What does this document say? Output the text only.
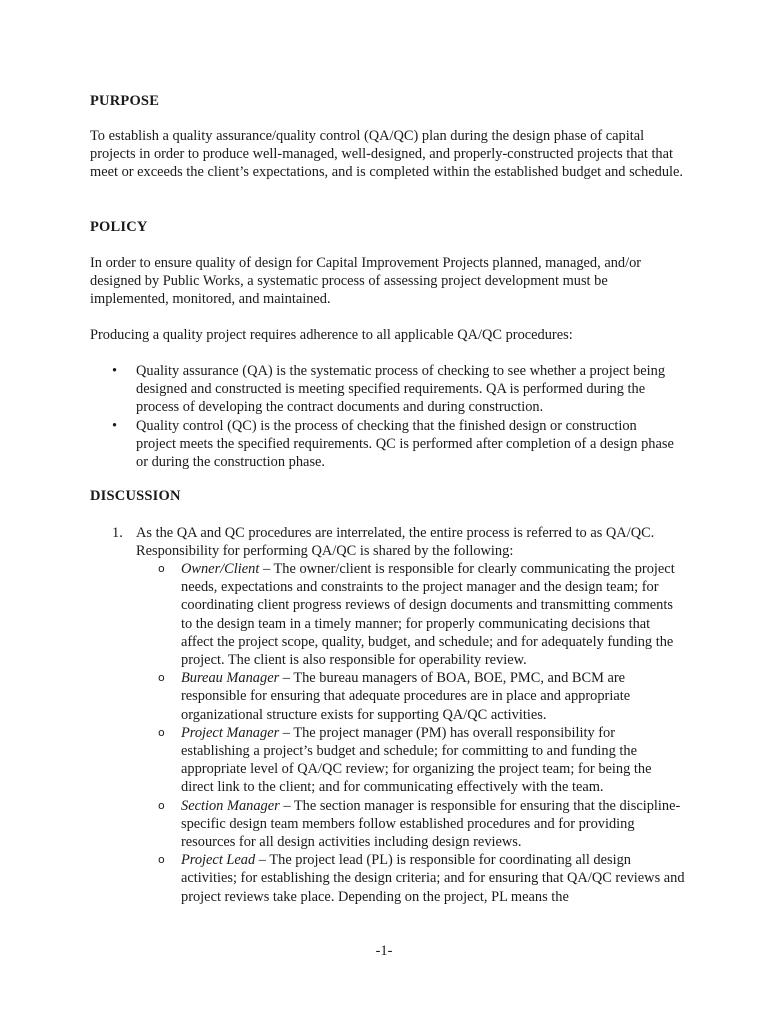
PURPOSE

To establish a quality assurance/quality control (QA/QC) plan during the design phase of capital projects in order to produce well-managed, well-designed, and properly-constructed projects that that meet or exceeds the client’s expectations, and is completed within the established budget and schedule.

POLICY

In order to ensure quality of design for Capital Improvement Projects planned, managed, and/or designed by Public Works, a systematic process of assessing project development must be implemented, monitored, and maintained.

Producing a quality project requires adherence to all applicable QA/QC procedures:

• Quality assurance (QA) is the systematic process of checking to see whether a project being designed and constructed is meeting specified requirements. QA is performed during the process of developing the contract documents and during construction.
• Quality control (QC) is the process of checking that the finished design or construction project meets the specified requirements. QC is performed after completion of a design phase or during the construction phase.
DISCUSSION
1. As the QA and QC procedures are interrelated, the entire process is referred to as QA/QC. Responsibility for performing QA/QC is shared by the following:
o Owner/Client – The owner/client is responsible for clearly communicating the project needs, expectations and constraints to the project manager and the design team; for coordinating client progress reviews of design documents and transmitting comments to the design team in a timely manner; for properly communicating decisions that affect the project scope, quality, budget, and schedule; and for adequately funding the project. The client is also responsible for operability review.
o Bureau Manager – The bureau managers of BOA, BOE, PMC, and BCM are responsible for ensuring that adequate procedures are in place and appropriate organizational structure exists for supporting QA/QC activities.
o Project Manager – The project manager (PM) has overall responsibility for establishing a project’s budget and schedule; for committing to and funding the appropriate level of QA/QC review; for organizing the project team; for being the direct link to the client; and for communicating effectively with the team.
o Section Manager – The section manager is responsible for ensuring that the discipline-specific design team members follow established procedures and for providing resources for all design activities including design reviews.
o Project Lead – The project lead (PL) is responsible for coordinating all design activities; for establishing the design criteria; and for ensuring that QA/QC reviews and project reviews take place. Depending on the project, PL means the
-1-
